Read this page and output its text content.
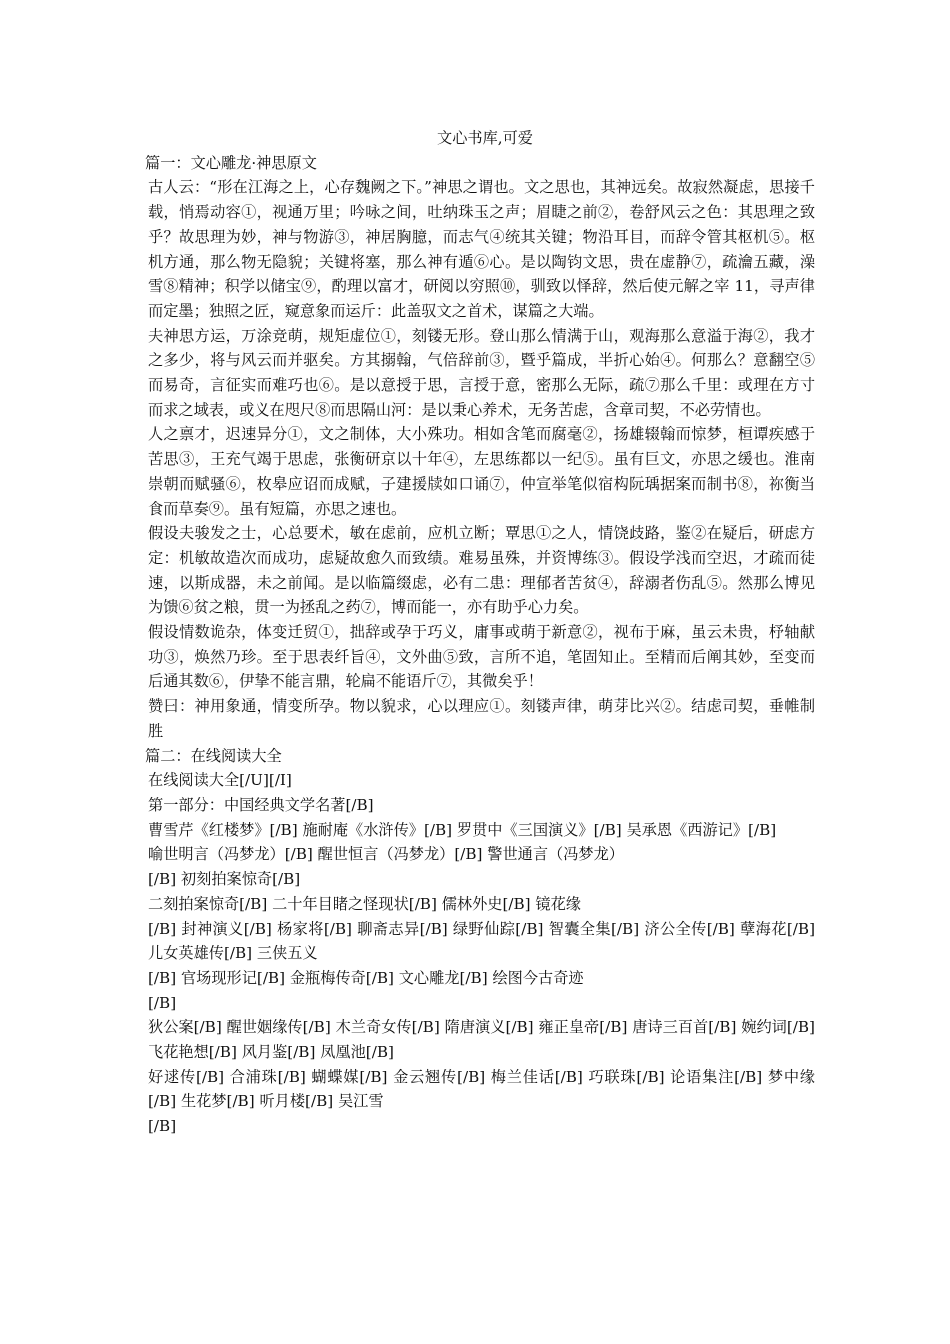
文心书库,可爱

篇一：文心雕龙·神思原文

古人云：“形在江海之上，心存魏阙之下。”神思之谓也。文之思也，其神远矣。故寂然凝虑，思接千载，悄焉动容①，视通万里；吟咏之间，吐纳珠玉之声；眉睫之前②，卷舒风云之色：其思理之致乎？故思理为妙，神与物游③，神居胸臆，而志气④统其关键；物沿耳目，而辞令管其枢机⑤。枢机方通，那么物无隐貌；关键将塞，那么神有遁⑥心。是以陶钧文思，贵在虚静⑦，疏瀹五藏，澡雪⑧精神；积学以储宝⑨，酌理以富才，研阅以穷照⑩，驯致以怿辞，然后使元解之宰 11，寻声律而定墨；独照之匠，窥意象而运斤：此盖驭文之首术，谋篇之大端。

夫神思方运，万涂竞萌，规矩虚位①，刻镂无形。登山那么情满于山，观海那么意溢于海②，我才之多少，将与风云而并驱矣。方其搦翰，气倍辞前③，暨乎篇成，半折心始④。何那么？意翻空⑤而易奇，言征实而难巧也⑥。是以意授于思，言授于意，密那么无际，疏⑦那么千里：或理在方寸而求之域表，或义在咫尺⑧而思隔山河：是以秉心养术，无务苦虑，含章司契，不必劳情也。

人之禀才，迟速异分①，文之制体，大小殊功。相如含笔而腐毫②，扬雄辍翰而惊梦，桓谭疾感于苦思③，王充气竭于思虑，张衡研京以十年④，左思练都以一纪⑤。虽有巨文，亦思之缓也。淮南崇朝而赋骚⑥，枚皋应诏而成赋，子建援牍如口诵⑦，仲宣举笔似宿构阮瑀据案而制书⑧，祢衡当食而草奏⑨。虽有短篇，亦思之速也。

假设夫骏发之士，心总要术，敏在虑前，应机立断；覃思①之人，情饶歧路，鉴②在疑后，研虑方定：机敏故造次而成功，虑疑故愈久而致绩。难易虽殊，并资博练③。假设学浅而空迟，才疏而徒速，以斯成器，未之前闻。是以临篇缀虑，必有二患：理郁者苦贫④，辞溺者伤乱⑤。然那么博见为馈⑥贫之粮，贯一为拯乱之药⑦，博而能一，亦有助乎心力矣。

假设情数诡杂，体变迁贸①，拙辞或孕于巧义，庸事或萌于新意②，视布于麻，虽云未贵，杼轴献功③，焕然乃珍。至于思表纤旨④，文外曲⑤致，言所不追，笔固知止。至精而后阐其妙，至变而后通其数⑥，伊挚不能言鼎，轮扁不能语斤⑦，其微矣乎！

赞曰：神用象通，情变所孕。物以貌求，心以理应①。刻镂声律，萌芽比兴②。结虑司契，垂帷制胜

篇二：在线阅读大全

在线阅读大全[/U][/I]

第一部分：中国经典文学名著[/B]

曹雪芹《红楼梦》[/B] 施耐庵《水浒传》[/B] 罗贯中《三国演义》[/B] 吴承恩《西游记》[/B]

喻世明言（冯梦龙）[/B] 醒世恒言（冯梦龙）[/B] 警世通言（冯梦龙）

[/B] 初刻拍案惊奇[/B]

二刻拍案惊奇[/B] 二十年目睹之怪现状[/B] 儒林外史[/B] 镜花缘

[/B] 封神演义[/B] 杨家将[/B] 聊斋志异[/B] 绿野仙踪[/B] 智囊全集[/B] 济公全传[/B] 孽海花[/B] 儿女英雄传[/B] 三侠五义

[/B] 官场现形记[/B] 金瓶梅传奇[/B] 文心雕龙[/B] 绘图今古奇迹

[/B]

狄公案[/B] 醒世姻缘传[/B] 木兰奇女传[/B] 隋唐演义[/B] 雍正皇帝[/B] 唐诗三百首[/B] 婉约词[/B] 飞花艳想[/B] 风月鉴[/B] 凤凰池[/B]

好逑传[/B] 合浦珠[/B] 蝴蝶媒[/B] 金云翘传[/B] 梅兰佳话[/B] 巧联珠[/B] 论语集注[/B] 梦中缘[/B] 生花梦[/B] 听月楼[/B] 吴江雪

[/B]
